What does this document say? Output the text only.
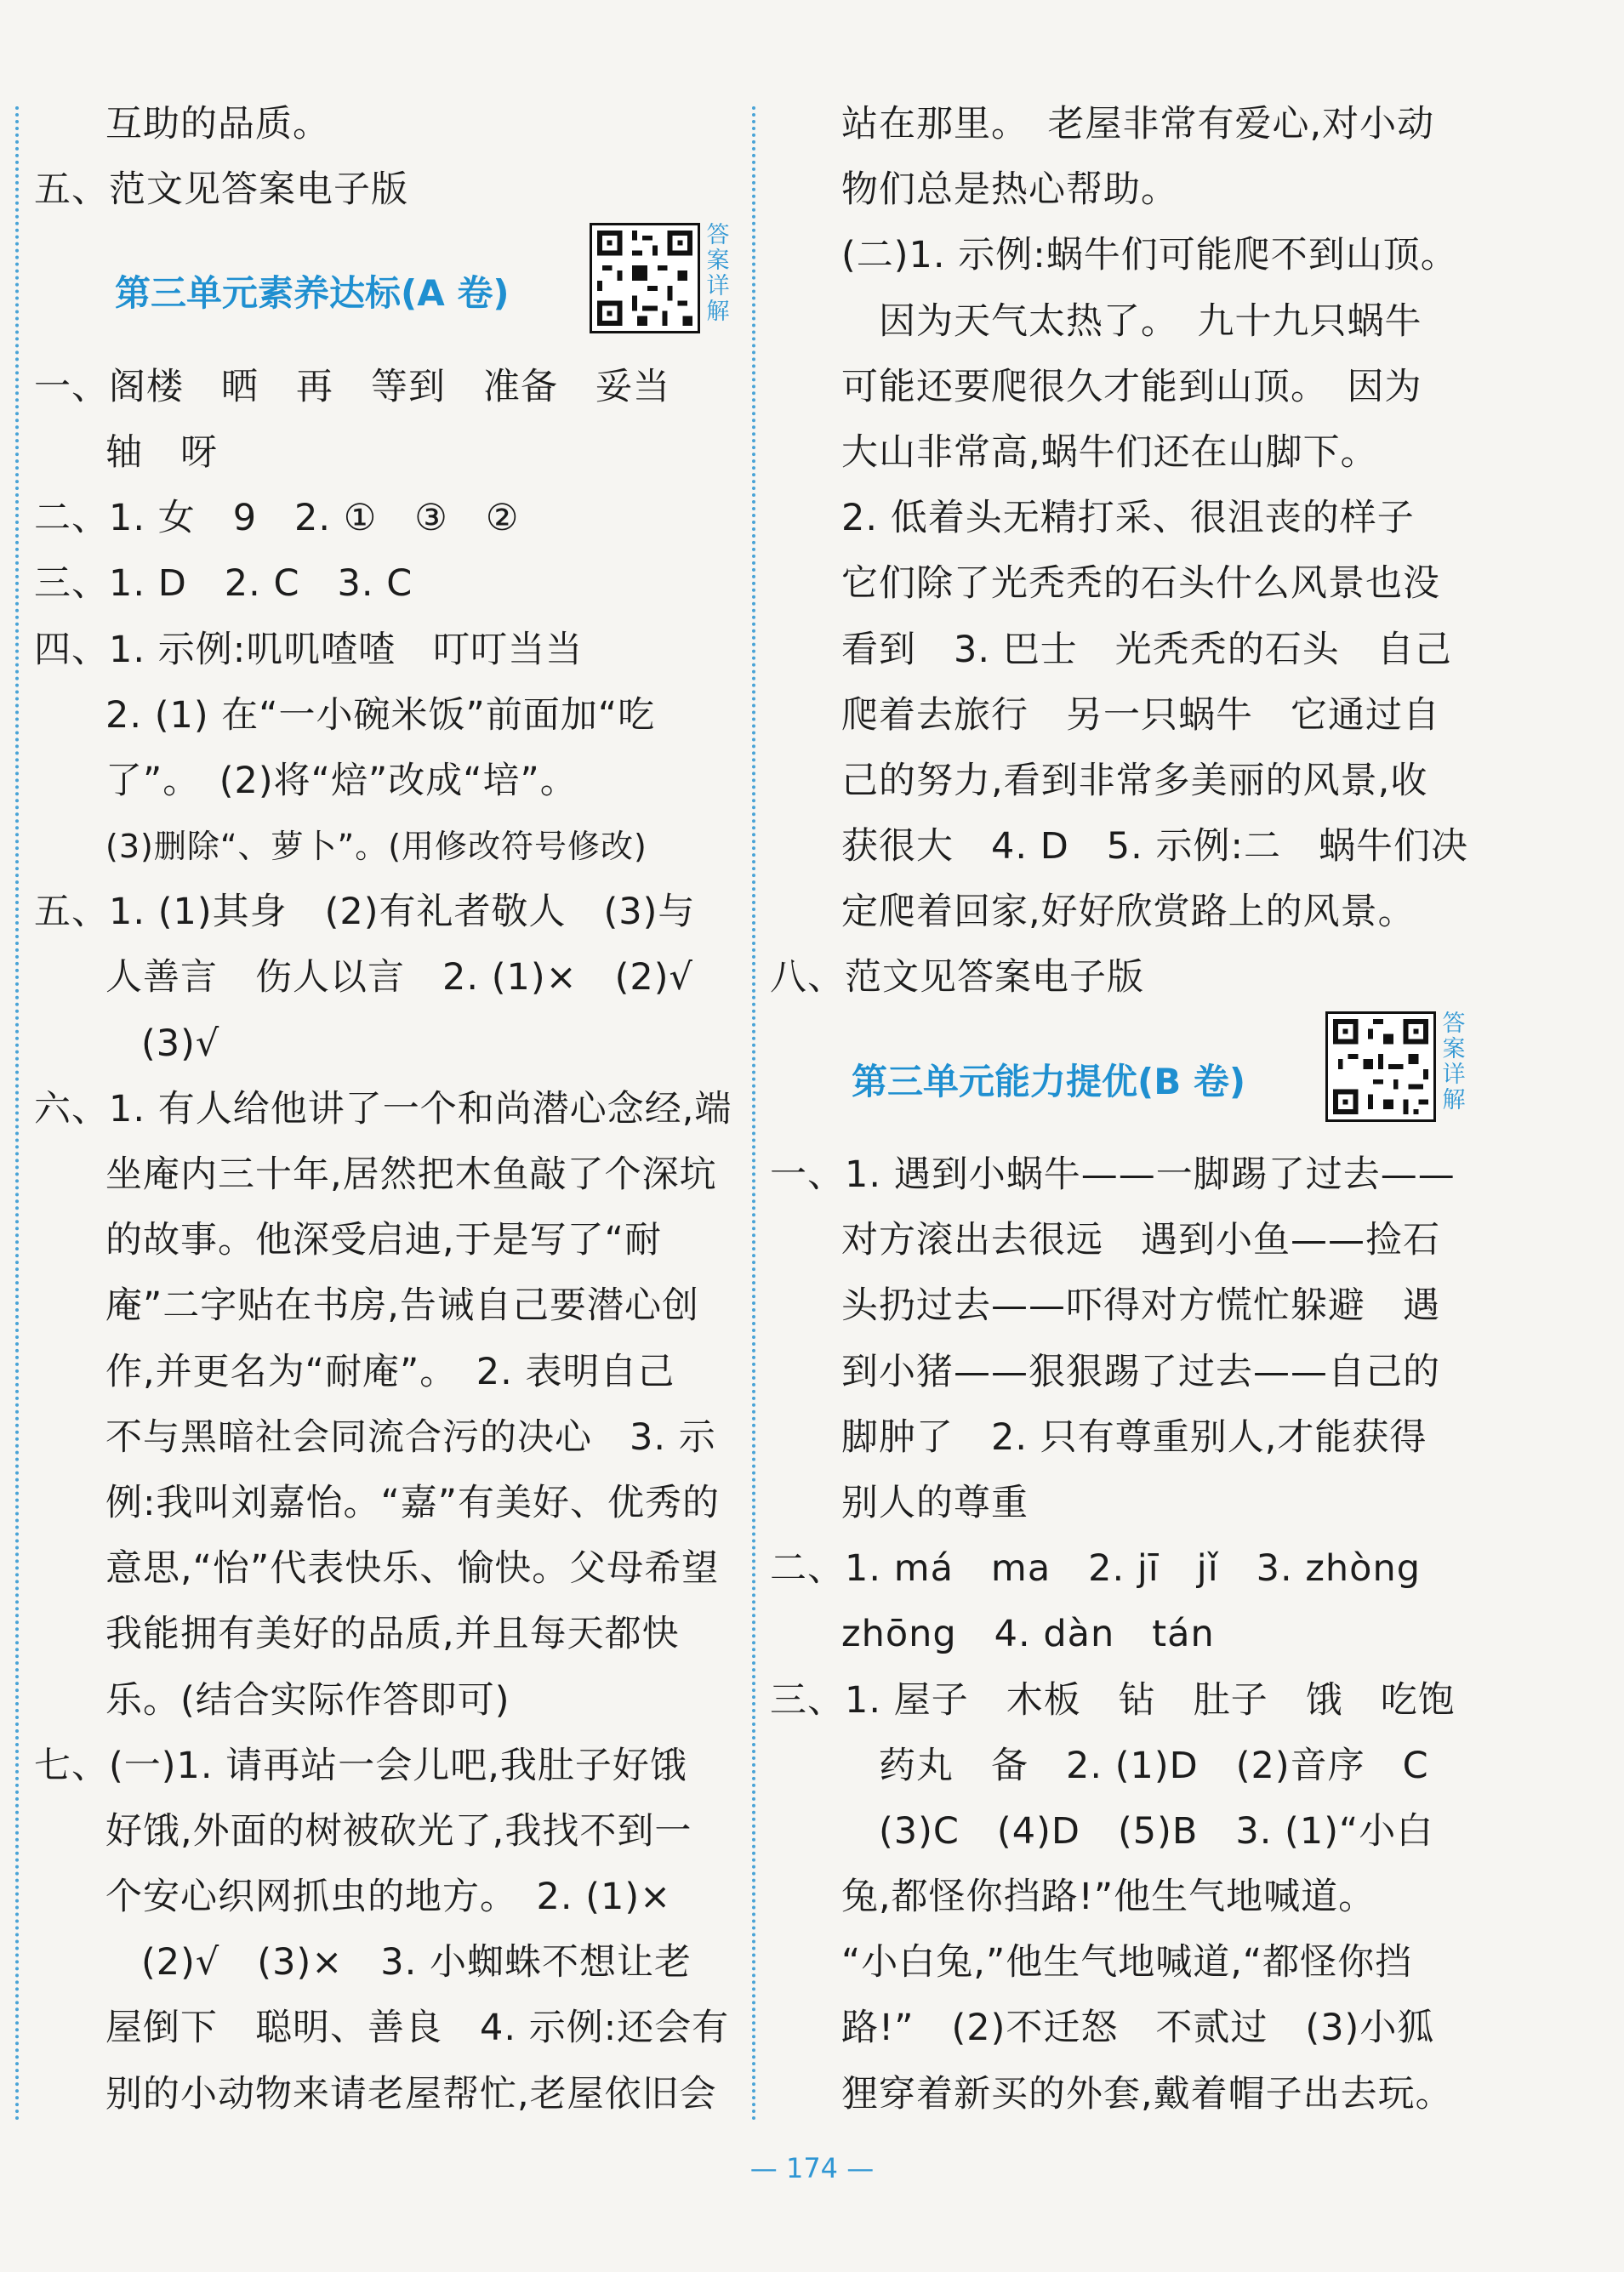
互助的品质。
五、范文见答案电子版
第三单元素养达标(A 卷)
答案详解
一、阁楼　晒　再　等到　准备　妥当
轴　呀
二、1. 女　9　2. ①　③　②
三、1. D　2. C　3. C
四、1. 示例:叽叽喳喳　叮叮当当
2. (1) 在“一小碗米饭”前面加“吃
了”。　(2)将“焙”改成“培”。
(3)删除“、萝卜”。(用修改符号修改)
五、1. (1)其身　(2)有礼者敬人　(3)与
人善言　伤人以言　2. (1)×　(2)√
(3)√
六、1. 有人给他讲了一个和尚潜心念经,端
坐庵内三十年,居然把木鱼敲了个深坑
的故事。他深受启迪,于是写了“耐
庵”二字贴在书房,告诫自己要潜心创
作,并更名为“耐庵”。　2. 表明自己
不与黑暗社会同流合污的决心　3. 示
例:我叫刘嘉怡。“嘉”有美好、优秀的
意思,“怡”代表快乐、愉快。父母希望
我能拥有美好的品质,并且每天都快
乐。(结合实际作答即可)
七、(一)1. 请再站一会儿吧,我肚子好饿
好饿,外面的树被砍光了,我找不到一
个安心织网抓虫的地方。　2. (1)×
(2)√　(3)×　3. 小蜘蛛不想让老
屋倒下　聪明、善良　4. 示例:还会有
别的小动物来请老屋帮忙,老屋依旧会
站在那里。　老屋非常有爱心,对小动
物们总是热心帮助。
(二)1. 示例:蜗牛们可能爬不到山顶。
因为天气太热了。　九十九只蜗牛
可能还要爬很久才能到山顶。　因为
大山非常高,蜗牛们还在山脚下。
2. 低着头无精打采、很沮丧的样子
它们除了光秃秃的石头什么风景也没
看到　3. 巴士　光秃秃的石头　自己
爬着去旅行　另一只蜗牛　它通过自
己的努力,看到非常多美丽的风景,收
获很大　4. D　5. 示例:二　蜗牛们决
定爬着回家,好好欣赏路上的风景。
八、范文见答案电子版
第三单元能力提优(B 卷)
答案详解
一、1. 遇到小蜗牛——一脚踢了过去——
对方滚出去很远　遇到小鱼——捡石
头扔过去——吓得对方慌忙躲避　遇
到小猪——狠狠踢了过去——自己的
脚肿了　2. 只有尊重别人,才能获得
别人的尊重
二、1. má　ma　2. jī　jǐ　3. zhòng
zhōng　4. dàn　tán
三、1. 屋子　木板　钻　肚子　饿　吃饱
药丸　备　2. (1)D　(2)音序　C
(3)C　(4)D　(5)B　3. (1)“小白
兔,都怪你挡路!”他生气地喊道。
“小白兔,”他生气地喊道,“都怪你挡
路!”　(2)不迁怒　不贰过　(3)小狐
狸穿着新买的外套,戴着帽子出去玩。
— 174 —
